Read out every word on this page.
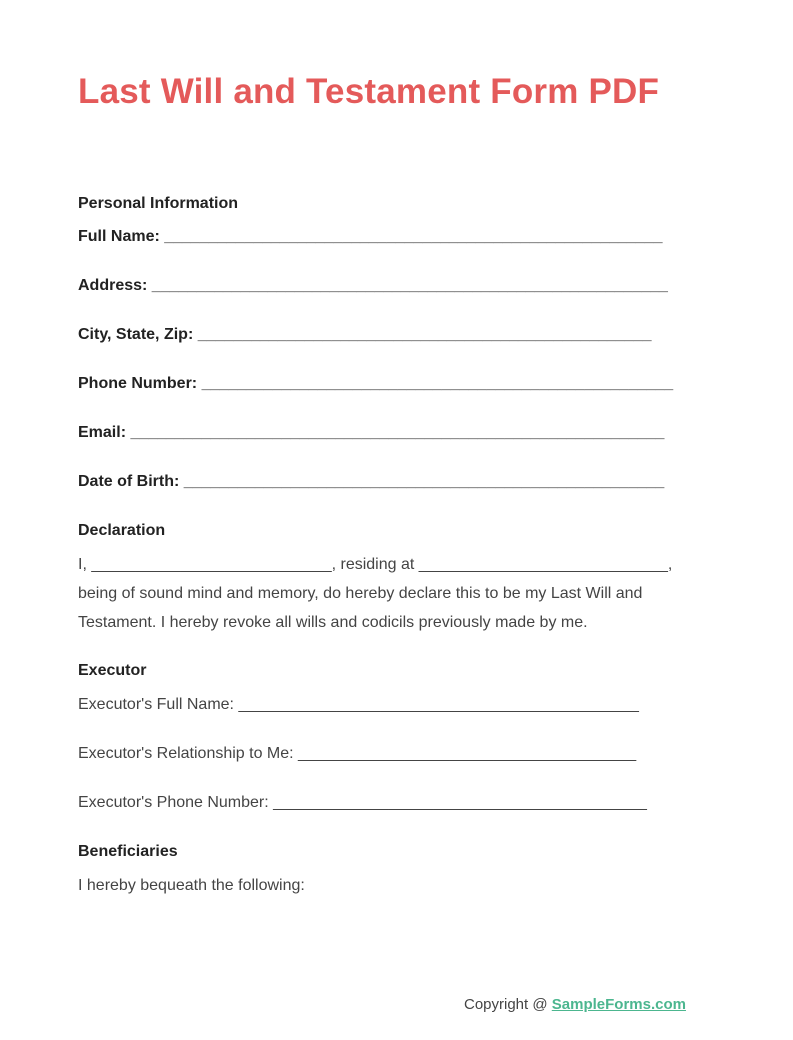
Last Will and Testament Form PDF

Personal Information

Full Name: ________________________________________________________

Address: __________________________________________________________

City, State, Zip: ___________________________________________________

Phone Number: _____________________________________________________

Email: ____________________________________________________________

Date of Birth: ______________________________________________________

Declaration

I, ___________________________, residing at ____________________________,

being of sound mind and memory, do hereby declare this to be my Last Will and

Testament. I hereby revoke all wills and codicils previously made by me.

Executor

Executor's Full Name: _____________________________________________

Executor's Relationship to Me: ______________________________________

Executor's Phone Number: __________________________________________

Beneficiaries

I hereby bequeath the following:

Copyright @ SampleForms.com
